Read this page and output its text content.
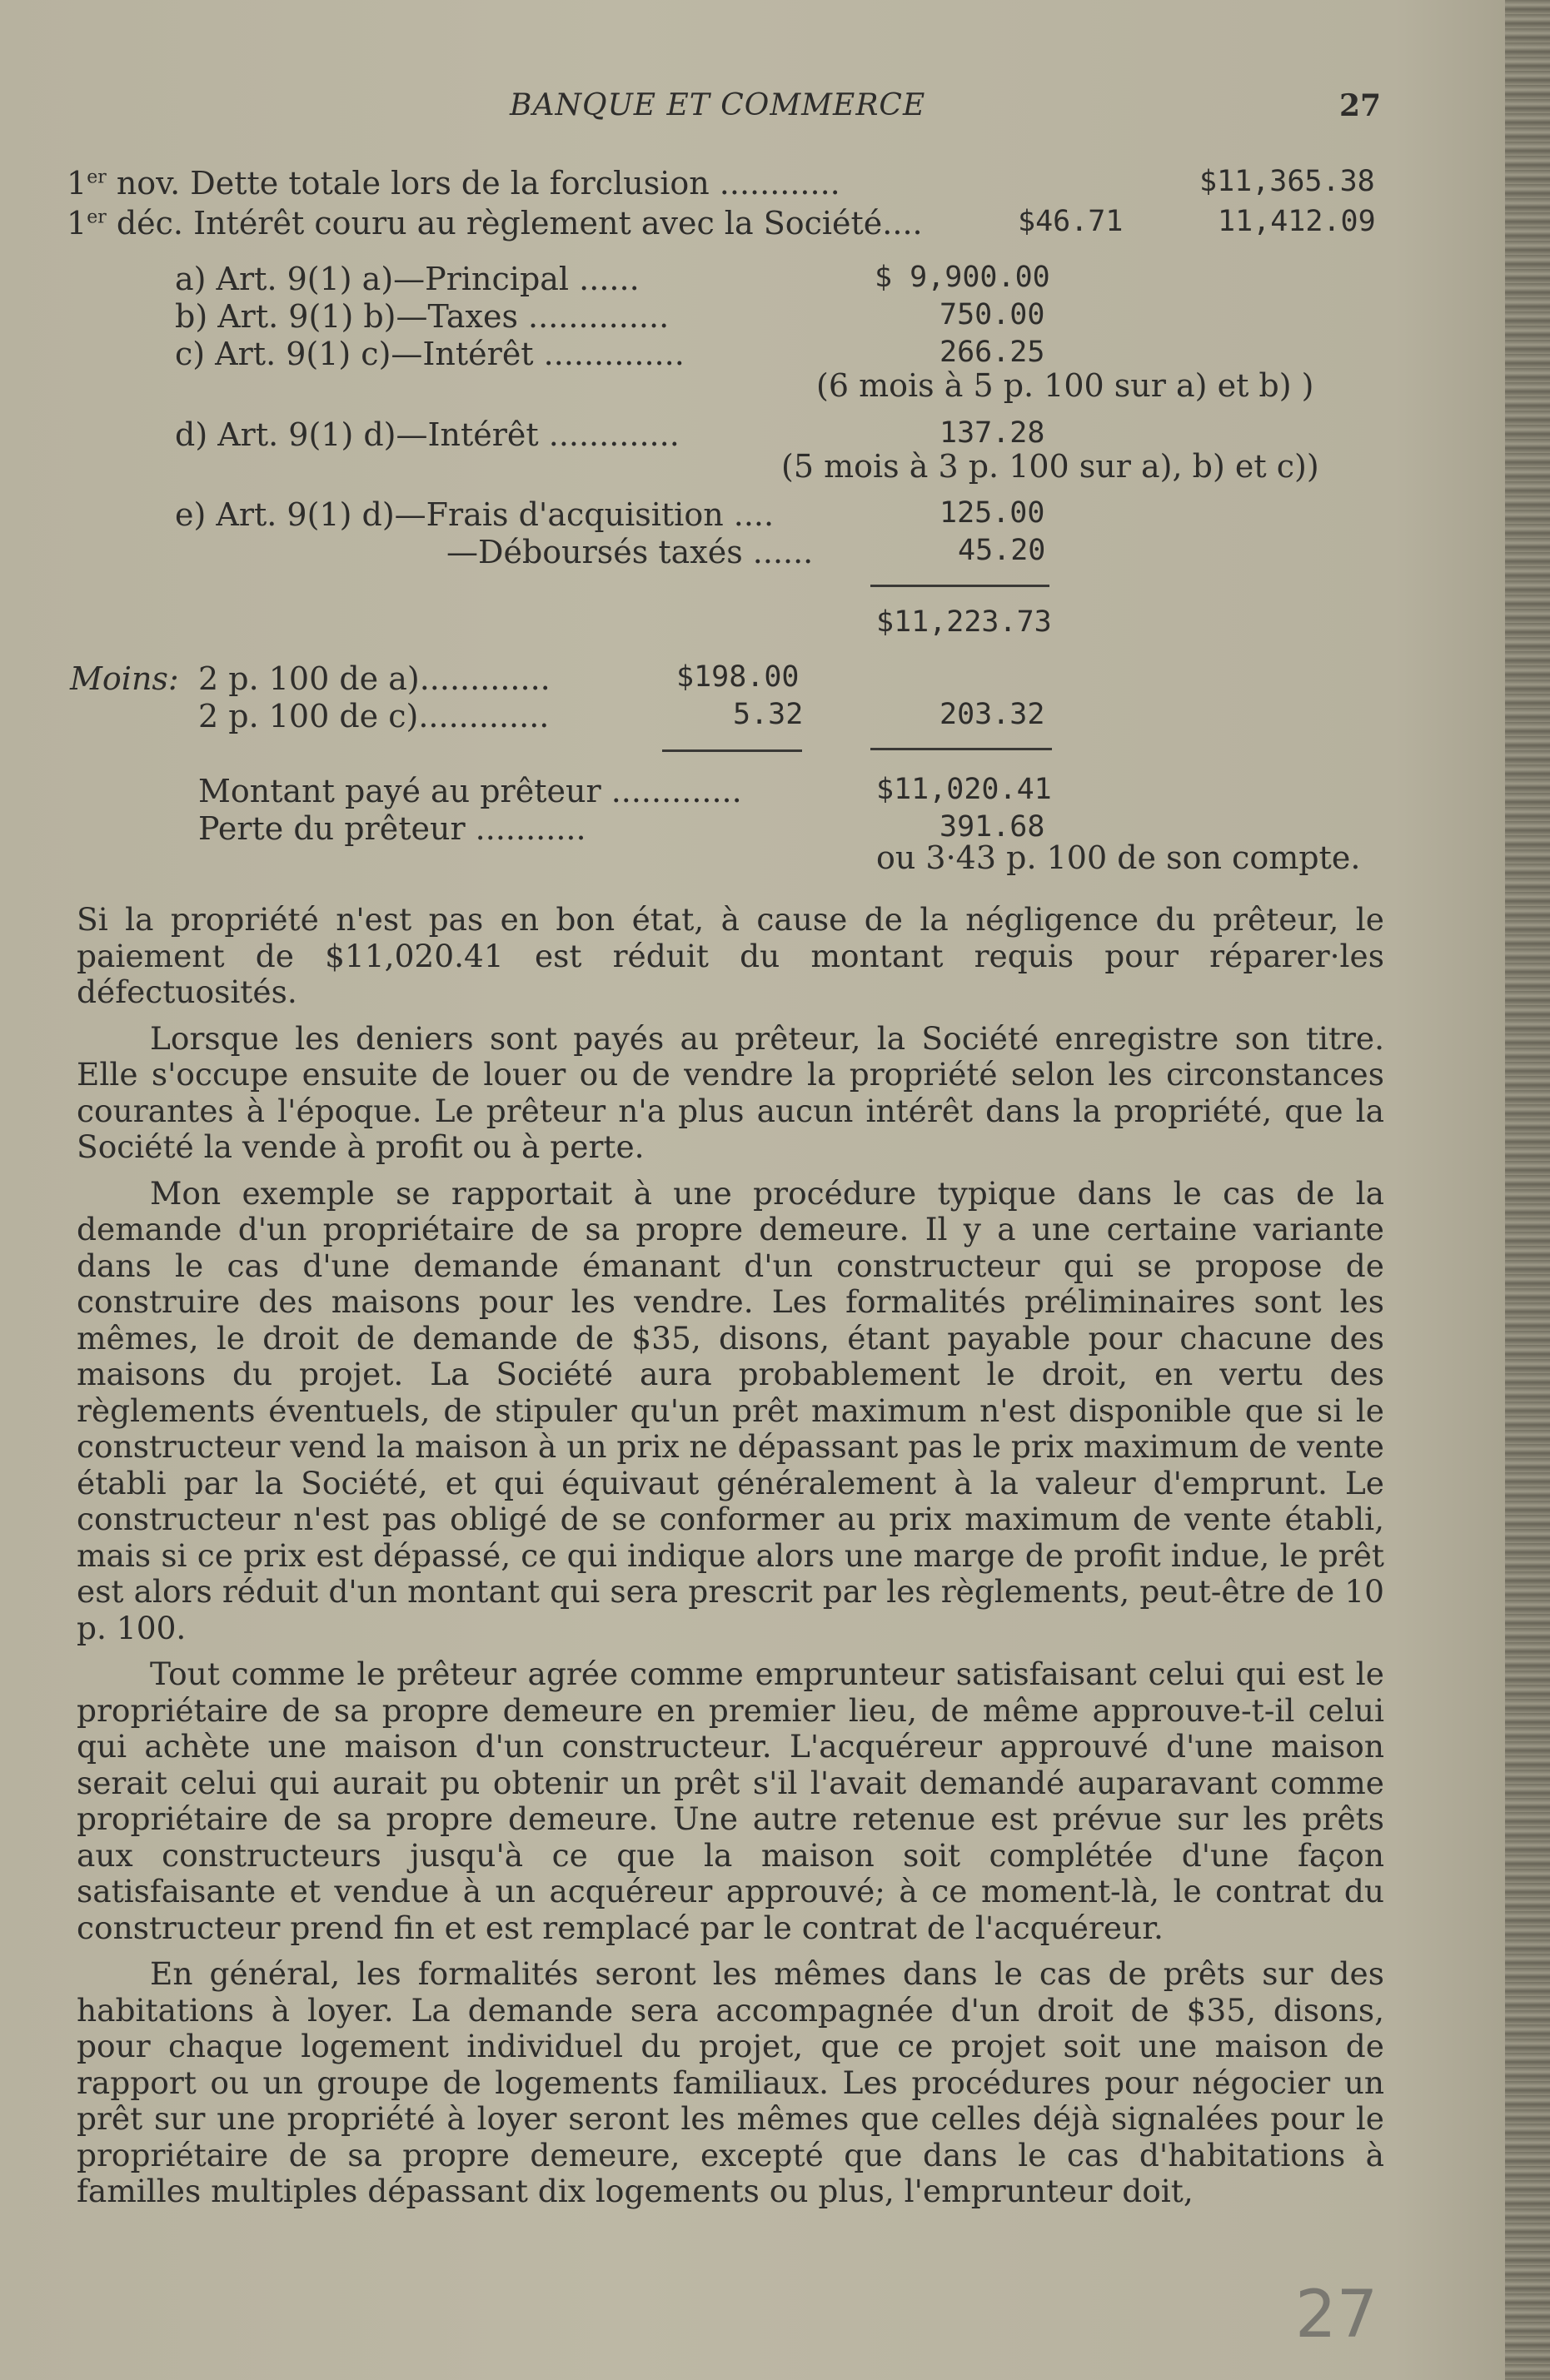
BANQUE ET COMMERCE	27
1er nov. Dette totale lors de la forclusion ............	$11,365.38
1er déc. Intérêt couru au règlement avec la Société....	$46.71	11,412.09
a) Art. 9(1) a)—Principal ......	$ 9,900.00
b) Art. 9(1) b)—Taxes ..............	750.00
c) Art. 9(1) c)—Intérêt ..............	266.25
(6 mois à 5 p. 100 sur a) et b) )
d) Art. 9(1) d)—Intérêt .............	137.28
(5 mois à 3 p. 100 sur a), b) et c))
e) Art. 9(1) d)—Frais d'acquisition ....	125.00
—Déboursés taxés ......	45.20
$11,223.73
Moins: 2 p. 100 de a).............	$198.00
2 p. 100 de c).............	5.32	203.32
Montant payé au prêteur .............	$11,020.41
Perte du prêteur ...........	391.68
ou 3·43 p. 100 de son compte.

Si la propriété n'est pas en bon état, à cause de la négligence du prêteur, le paiement de $11,020.41 est réduit du montant requis pour réparer·les défectuosités.

Lorsque les deniers sont payés au prêteur, la Société enregistre son titre. Elle s'occupe ensuite de louer ou de vendre la propriété selon les circonstances courantes à l'époque. Le prêteur n'a plus aucun intérêt dans la propriété, que la Société la vende à profit ou à perte.

Mon exemple se rapportait à une procédure typique dans le cas de la demande d'un propriétaire de sa propre demeure. Il y a une certaine variante dans le cas d'une demande émanant d'un constructeur qui se propose de construire des maisons pour les vendre. Les formalités préliminaires sont les mêmes, le droit de demande de $35, disons, étant payable pour chacune des maisons du projet. La Société aura probablement le droit, en vertu des règlements éventuels, de stipuler qu'un prêt maximum n'est disponible que si le constructeur vend la maison à un prix ne dépassant pas le prix maximum de vente établi par la Société, et qui équivaut généralement à la valeur d'emprunt. Le constructeur n'est pas obligé de se conformer au prix maximum de vente établi, mais si ce prix est dépassé, ce qui indique alors une marge de profit indue, le prêt est alors réduit d'un montant qui sera prescrit par les règlements, peut-être de 10 p. 100.

Tout comme le prêteur agrée comme emprunteur satisfaisant celui qui est le propriétaire de sa propre demeure en premier lieu, de même approuve-t-il celui qui achète une maison d'un constructeur. L'acquéreur approuvé d'une maison serait celui qui aurait pu obtenir un prêt s'il l'avait demandé auparavant comme propriétaire de sa propre demeure. Une autre retenue est prévue sur les prêts aux constructeurs jusqu'à ce que la maison soit complétée d'une façon satisfaisante et vendue à un acquéreur approuvé; à ce moment-là, le contrat du constructeur prend fin et est remplacé par le contrat de l'acquéreur.

En général, les formalités seront les mêmes dans le cas de prêts sur des habitations à loyer. La demande sera accompagnée d'un droit de $35, disons, pour chaque logement individuel du projet, que ce projet soit une maison de rapport ou un groupe de logements familiaux. Les procédures pour négocier un prêt sur une propriété à loyer seront les mêmes que celles déjà signalées pour le propriétaire de sa propre demeure, excepté que dans le cas d'habitations à familles multiples dépassant dix logements ou plus, l'emprunteur doit,

27
